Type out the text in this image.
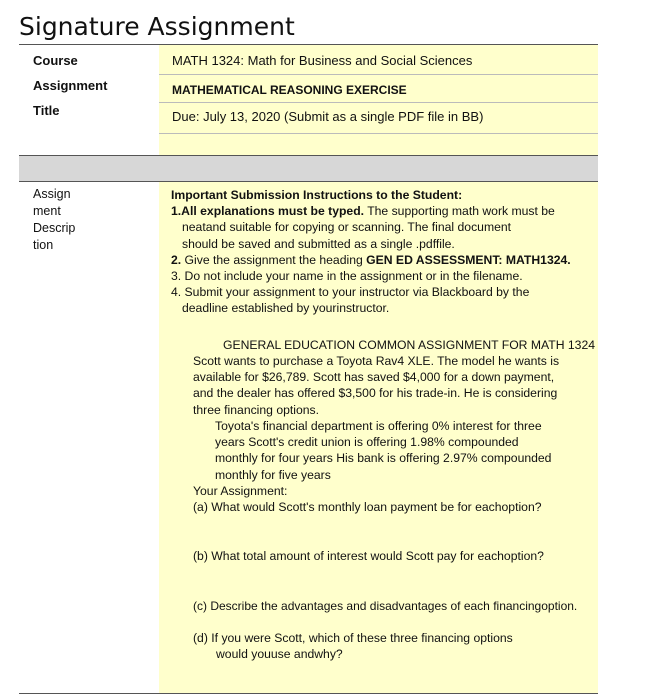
Signature Assignment
Course
Assignment
Title
MATH 1324: Math for Business and Social Sciences
MATHEMATICAL REASONING EXERCISE
Due: July 13, 2020 (Submit as a single PDF file in BB)
Assign
ment
Descrip
tion

Important Submission Instructions to the Student:

1.All explanations must be typed. The supporting math work must be

neatand suitable for copying or scanning. The final document

should be saved and submitted as a single .pdffile.

2. Give the assignment the heading GEN ED ASSESSMENT: MATH1324.

3. Do not include your name in the assignment or in the filename.

4. Submit your assignment to your instructor via Blackboard by the

deadline established by yourinstructor.

GENERAL EDUCATION COMMON ASSIGNMENT FOR MATH 1324

Scott wants to purchase a Toyota Rav4 XLE. The model he wants is

available for $26,789. Scott has saved $4,000 for a down payment,

and the dealer has offered $3,500 for his trade-in. He is considering

three financing options.

Toyota's financial department is offering 0% interest for three

years Scott's credit union is offering 1.98% compounded

monthly for four years His bank is offering 2.97% compounded

monthly for five years

Your Assignment:
(a) What would Scott's monthly loan payment be for eachoption?
(b) What total amount of interest would Scott pay for eachoption?
(c) Describe the advantages and disadvantages of each financingoption.
(d) If you were Scott, which of these three financing options
would youuse andwhy?
